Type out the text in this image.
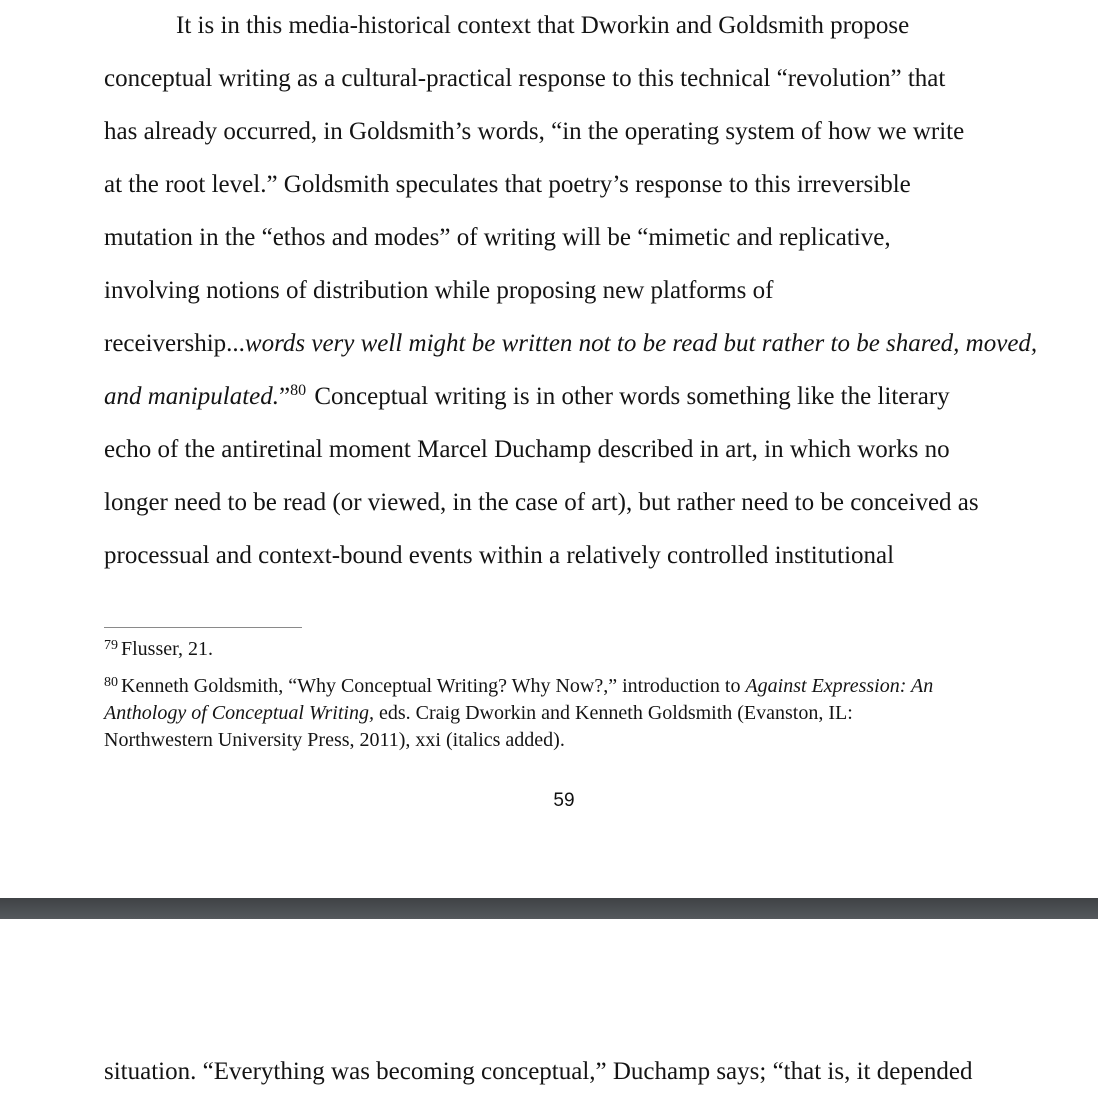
It is in this media-historical context that Dworkin and Goldsmith propose
conceptual writing as a cultural-practical response to this technical “revolution” that
has already occurred, in Goldsmith’s words, “in the operating system of how we write
at the root level.” Goldsmith speculates that poetry’s response to this irreversible
mutation in the “ethos and modes” of writing will be “mimetic and replicative,
involving notions of distribution while proposing new platforms of
receivership...words very well might be written not to be read but rather to be shared, moved,
and manipulated.”$^{80}$ Conceptual writing is in other words something like the literary
echo of the antiretinal moment Marcel Duchamp described in art, in which works no
longer need to be read (or viewed, in the case of art), but rather need to be conceived as
processual and context-bound events within a relatively controlled institutional

$^{79}$ Flusser, 21.

$^{80}$ Kenneth Goldsmith, “Why Conceptual Writing? Why Now?,” introduction to Against Expression: An
Anthology of Conceptual Writing, eds. Craig Dworkin and Kenneth Goldsmith (Evanston, IL:
Northwestern University Press, 2011), xxi (italics added).

59
situation. “Everything was becoming conceptual,” Duchamp says; “that is, it depended
